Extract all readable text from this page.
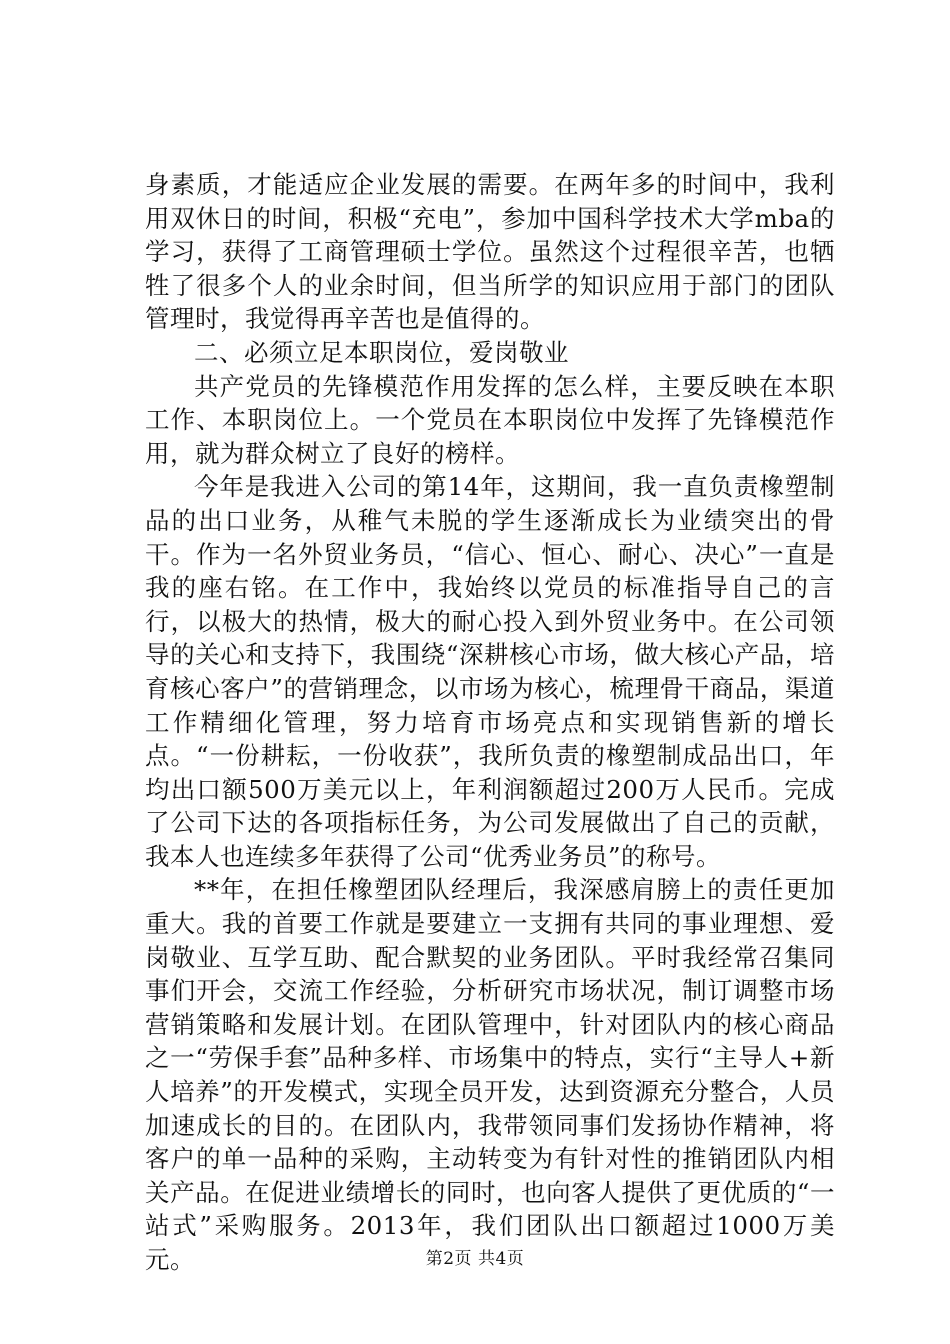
身素质，才能适应企业发展的需要。在两年多的时间中，我利用双休日的时间，积极“充电”，参加中国科学技术大学mba的学习，获得了工商管理硕士学位。虽然这个过程很辛苦，也牺牲了很多个人的业余时间，但当所学的知识应用于部门的团队管理时，我觉得再辛苦也是值得的。

二、必须立足本职岗位，爱岗敬业

共产党员的先锋模范作用发挥的怎么样，主要反映在本职工作、本职岗位上。一个党员在本职岗位中发挥了先锋模范作用，就为群众树立了良好的榜样。

今年是我进入公司的第14年，这期间，我一直负责橡塑制品的出口业务，从稚气未脱的学生逐渐成长为业绩突出的骨干。作为一名外贸业务员，“信心、恒心、耐心、决心”一直是我的座右铭。在工作中，我始终以党员的标准指导自己的言行，以极大的热情，极大的耐心投入到外贸业务中。在公司领导的关心和支持下，我围绕“深耕核心市场，做大核心产品，培育核心客户”的营销理念，以市场为核心，梳理骨干商品，渠道工作精细化管理，努力培育市场亮点和实现销售新的增长点。“一份耕耘，一份收获”，我所负责的橡塑制成品出口，年均出口额500万美元以上，年利润额超过200万人民币。完成了公司下达的各项指标任务，为公司发展做出了自己的贡献，我本人也连续多年获得了公司“优秀业务员”的称号。

**年，在担任橡塑团队经理后，我深感肩膀上的责任更加重大。我的首要工作就是要建立一支拥有共同的事业理想、爱岗敬业、互学互助、配合默契的业务团队。平时我经常召集同事们开会，交流工作经验，分析研究市场状况，制订调整市场营销策略和发展计划。在团队管理中，针对团队内的核心商品之一“劳保手套”品种多样、市场集中的特点，实行“主导人+新人培养”的开发模式，实现全员开发，达到资源充分整合，人员加速成长的目的。在团队内，我带领同事们发扬协作精神，将客户的单一品种的采购，主动转变为有针对性的推销团队内相关产品。在促进业绩增长的同时，也向客人提供了更优质的“一站式”采购服务。2013年，我们团队出口额超过1000万美元。	第2页 共4页
